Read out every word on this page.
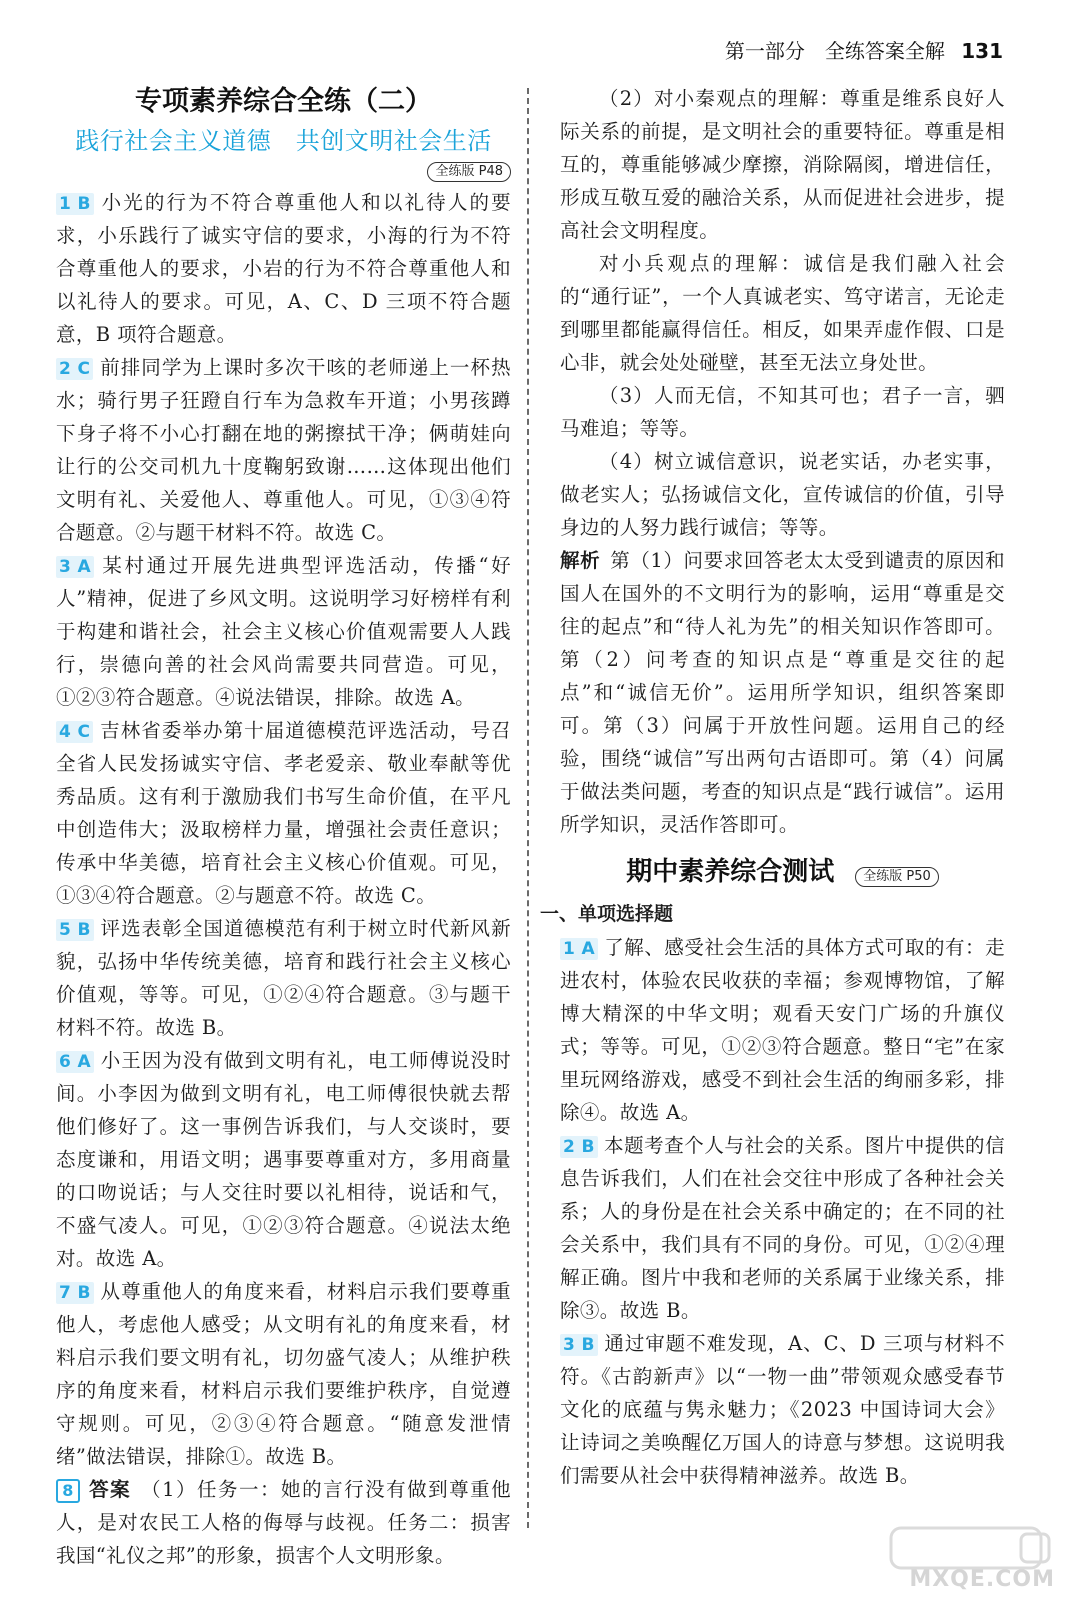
第一部分　全练答案全解 131
专项素养综合全练（二）
践行社会主义道德　共创文明社会生活
全练版 P48

1 B 小光的行为不符合尊重他人和以礼待人的要求，小乐践行了诚实守信的要求，小海的行为不符合尊重他人的要求，小岩的行为不符合尊重他人和以礼待人的要求。可见，A、C、D 三项不符合题意，B 项符合题意。

2 C 前排同学为上课时多次干咳的老师递上一杯热水；骑行男子狂蹬自行车为急救车开道；小男孩蹲下身子将不小心打翻在地的粥擦拭干净；俩萌娃向让行的公交司机九十度鞠躬致谢……这体现出他们文明有礼、关爱他人、尊重他人。可见，①③④符合题意。②与题干材料不符。故选 C。

3 A 某村通过开展先进典型评选活动，传播“好人”精神，促进了乡风文明。这说明学习好榜样有利于构建和谐社会，社会主义核心价值观需要人人践行，崇德向善的社会风尚需要共同营造。可见，①②③符合题意。④说法错误，排除。故选 A。

4 C 吉林省委举办第十届道德模范评选活动，号召全省人民发扬诚实守信、孝老爱亲、敬业奉献等优秀品质。这有利于激励我们书写生命价值，在平凡中创造伟大；汲取榜样力量，增强社会责任意识；传承中华美德，培育社会主义核心价值观。可见，①③④符合题意。②与题意不符。故选 C。

5 B 评选表彰全国道德模范有利于树立时代新风新貌，弘扬中华传统美德，培育和践行社会主义核心价值观，等等。可见，①②④符合题意。③与题干材料不符。故选 B。

6 A 小王因为没有做到文明有礼，电工师傅说没时间。小李因为做到文明有礼，电工师傅很快就去帮他们修好了。这一事例告诉我们，与人交谈时，要态度谦和，用语文明；遇事要尊重对方，多用商量的口吻说话；与人交往时要以礼相待，说话和气，不盛气凌人。可见，①②③符合题意。④说法太绝对。故选 A。

7 B 从尊重他人的角度来看，材料启示我们要尊重他人，考虑他人感受；从文明有礼的角度来看，材料启示我们要文明有礼，切勿盛气凌人；从维护秩序的角度来看，材料启示我们要维护秩序，自觉遵守规则。可见，②③④符合题意。“随意发泄情绪”做法错误，排除①。故选 B。

8 答案 （1）任务一：她的言行没有做到尊重他人，是对农民工人格的侮辱与歧视。任务二：损害我国“礼仪之邦”的形象，损害个人文明形象。

（2）对小秦观点的理解：尊重是维系良好人际关系的前提，是文明社会的重要特征。尊重是相互的，尊重能够减少摩擦，消除隔阂，增进信任，形成互敬互爱的融洽关系，从而促进社会进步，提高社会文明程度。

对小兵观点的理解：诚信是我们融入社会的“通行证”，一个人真诚老实、笃守诺言，无论走到哪里都能赢得信任。相反，如果弄虚作假、口是心非，就会处处碰壁，甚至无法立身处世。

（3）人而无信，不知其可也；君子一言，驷马难追；等等。

（4）树立诚信意识，说老实话，办老实事，做老实人；弘扬诚信文化，宣传诚信的价值，引导身边的人努力践行诚信；等等。

解析 第（1）问要求回答老太太受到谴责的原因和国人在国外的不文明行为的影响，运用“尊重是交往的起点”和“待人礼为先”的相关知识作答即可。第（2）问考查的知识点是“尊重是交往的起点”和“诚信无价”。运用所学知识，组织答案即可。第（3）问属于开放性问题。运用自己的经验，围绕“诚信”写出两句古语即可。第（4）问属于做法类问题，考查的知识点是“践行诚信”。运用所学知识，灵活作答即可。

期中素养综合测试 全练版 P50
一、单项选择题

1 A 了解、感受社会生活的具体方式可取的有：走进农村，体验农民收获的幸福；参观博物馆，了解博大精深的中华文明；观看天安门广场的升旗仪式；等等。可见，①②③符合题意。整日“宅”在家里玩网络游戏，感受不到社会生活的绚丽多彩，排除④。故选 A。

2 B 本题考查个人与社会的关系。图片中提供的信息告诉我们，人们在社会交往中形成了各种社会关系；人的身份是在社会关系中确定的；在不同的社会关系中，我们具有不同的身份。可见，①②④理解正确。图片中我和老师的关系属于业缘关系，排除③。故选 B。

3 B 通过审题不难发现，A、C、D 三项与材料不符。《古韵新声》以“一物一曲”带领观众感受春节文化的底蕴与隽永魅力；《2023 中国诗词大会》让诗词之美唤醒亿万国人的诗意与梦想。这说明我们需要从社会中获得精神滋养。故选 B。

MXQE.COM
